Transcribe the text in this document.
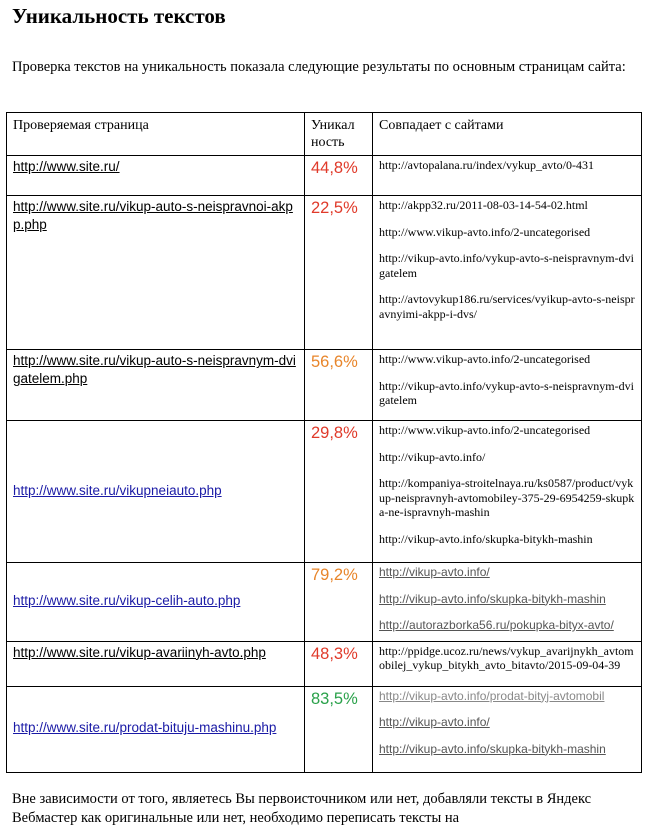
Уникальность текстов

Проверка текстов на уникальность показала следующие результаты по основным страницам сайта:

Проверяемая страница	Уникал ность	Совпадает с сайтами
http://www.site.ru/	44,8%	http://avtopalana.ru/index/vykup_avto/0-431

http://www.site.ru/vikup-auto-s-neispravnoi-akpp.php	22,5%	http://akpp32.ru/2011-08-03-14-54-02.html

http://www.vikup-avto.info/2-uncategorised

http://vikup-avto.info/vykup-avto-s-neispravnym-dvigatelem

http://avtovykup186.ru/services/vyikup-avto-s-neispravnyimi-akpp-i-dvs/

http://www.site.ru/vikup-auto-s-neispravnym-dvigatelem.php	56,6%	http://www.vikup-avto.info/2-uncategorised

http://vikup-avto.info/vykup-avto-s-neispravnym-dvigatelem

http://www.site.ru/vikupneiauto.php	29,8%	http://www.vikup-avto.info/2-uncategorised

http://vikup-avto.info/

http://kompaniya-stroitelnaya.ru/ks0587/product/vykup-neispravnyh-avtomobiley-375-29-6954259-skupka-ne-ispravnyh-mashin

http://vikup-avto.info/skupka-bitykh-mashin

http://www.site.ru/vikup-celih-auto.php	79,2%	http://vikup-avto.info/

http://vikup-avto.info/skupka-bitykh-mashin

http://autorazborka56.ru/pokupka-bityx-avto/

http://www.site.ru/vikup-avariinyh-avto.php	48,3%	http://ppidge.ucoz.ru/news/vykup_avarijnykh_avtomobilej_vykup_bitykh_avto_bitavto/2015-09-04-39

http://www.site.ru/prodat-bituju-mashinu.php	83,5%	http://vikup-avto.info/prodat-bityj-avtomobil

http://vikup-avto.info/

http://vikup-avto.info/skupka-bitykh-mashin

Вне зависимости от того, являетесь Вы первоисточником или нет, добавляли тексты в Яндекс Вебмастер как оригинальные или нет, необходимо переписать тексты на
